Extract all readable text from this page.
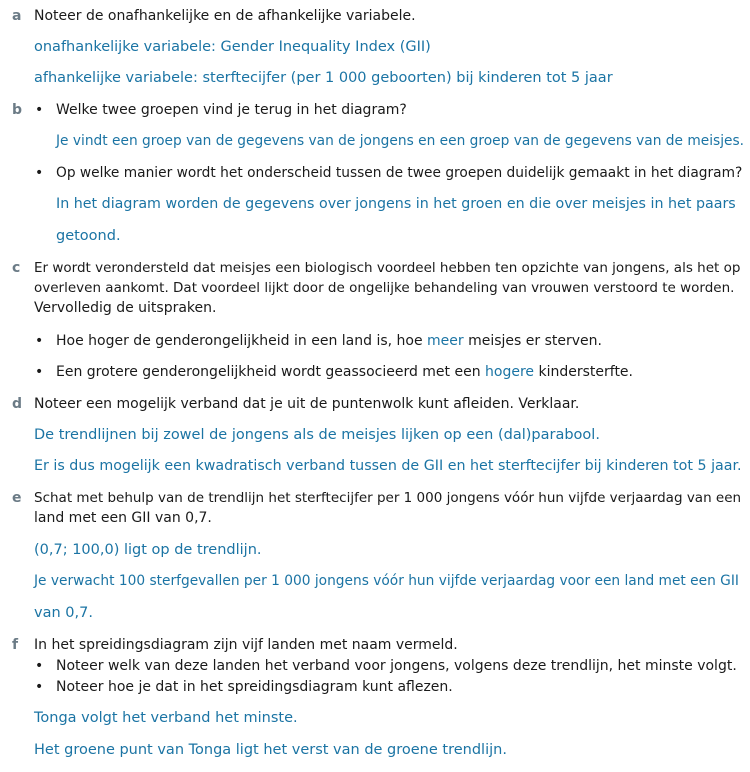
a Noteer de onafhankelijke en de afhankelijke variabele.
onafhankelijke variabele: Gender Inequality Index (GII)
afhankelijke variabele: sterftecijfer (per 1 000 geboorten) bij kinderen tot 5 jaar
b • Welke twee groepen vind je terug in het diagram?
Je vindt een groep van de gegevens van de jongens en een groep van de gegevens van de meisjes.
• Op welke manier wordt het onderscheid tussen de twee groepen duidelijk gemaakt in het diagram?
In het diagram worden de gegevens over jongens in het groen en die over meisjes in het paars
getoond.
c Er wordt verondersteld dat meisjes een biologisch voordeel hebben ten opzichte van jongens, als het op
overleven aankomt. Dat voordeel lijkt door de ongelijke behandeling van vrouwen verstoord te worden.
Vervolledig de uitspraken.
• Hoe hoger de genderongelijkheid in een land is, hoe meer meisjes er sterven.
• Een grotere genderongelijkheid wordt geassocieerd met een hogere kindersterfte.
d Noteer een mogelijk verband dat je uit de puntenwolk kunt afleiden. Verklaar.
De trendlijnen bij zowel de jongens als de meisjes lijken op een (dal)parabool.
Er is dus mogelijk een kwadratisch verband tussen de GII en het sterftecijfer bij kinderen tot 5 jaar.
e Schat met behulp van de trendlijn het sterftecijfer per 1 000 jongens vóór hun vijfde verjaardag van een
land met een GII van 0,7.
(0,7; 100,0) ligt op de trendlijn.
Je verwacht 100 sterfgevallen per 1 000 jongens vóór hun vijfde verjaardag voor een land met een GII
van 0,7.
f In het spreidingsdiagram zijn vijf landen met naam vermeld.
• Noteer welk van deze landen het verband voor jongens, volgens deze trendlijn, het minste volgt.
• Noteer hoe je dat in het spreidingsdiagram kunt aflezen.
Tonga volgt het verband het minste.
Het groene punt van Tonga ligt het verst van de groene trendlijn.
